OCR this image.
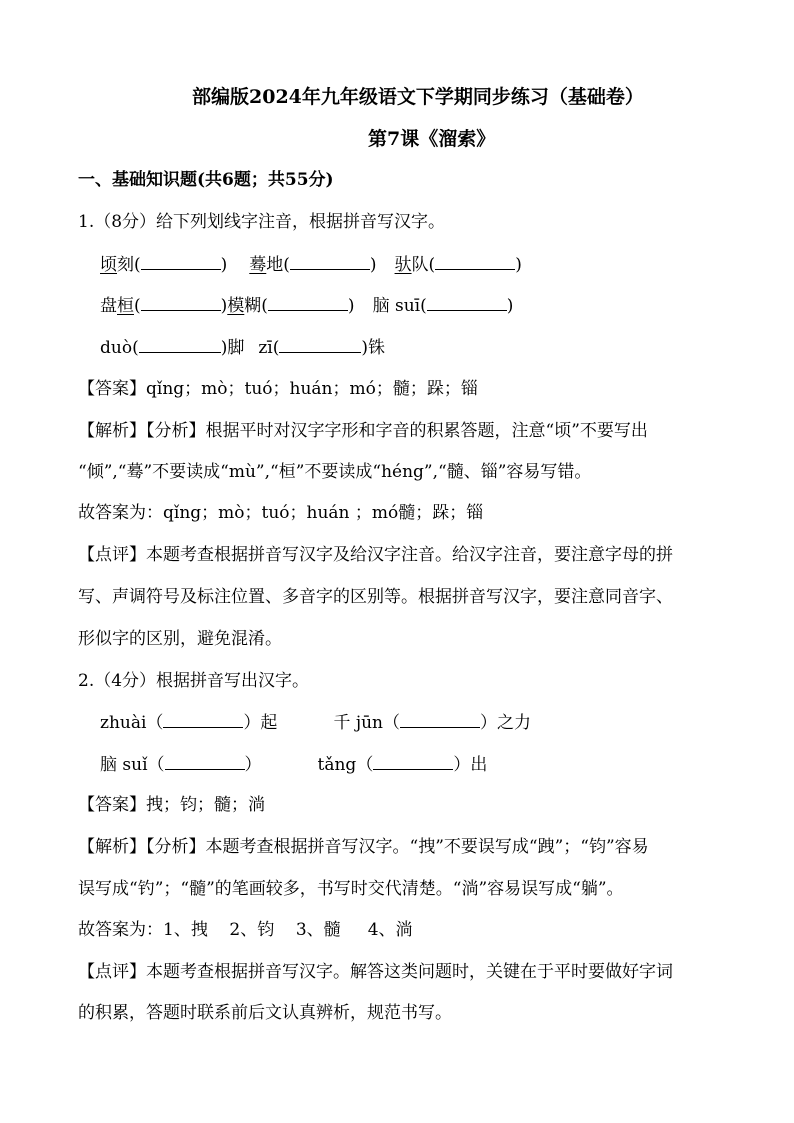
部编版2024年九年级语文下学期同步练习（基础卷）
第7课《溜索》
一、基础知识题(共6题；共55分)
1.（8分）给下列划线字注音，根据拼音写汉字。
顷刻(	) 蓦地(	) 驮队(	)
盘桓(	)模糊(	) 脑 suī(	)
duò(	)脚 zī(	)铢
【答案】qǐng；mò；tuó；huán；mó；髓；跺；锱
【解析】【分析】根据平时对汉字字形和字音的积累答题，注意“顷”不要写出
“倾”,“蓦”不要读成“mù”,“桓”不要读成“héng”,“髓、锱”容易写错。
故答案为：qǐng；mò；tuó；huán ；mó髓；跺；锱
【点评】本题考查根据拼音写汉字及给汉字注音。给汉字注音，要注意字母的拼
写、声调符号及标注位置、多音字的区别等。根据拼音写汉字，要注意同音字、
形似字的区别，避免混淆。
2.（4分）根据拼音写出汉字。
zhuài（	）起	千 jūn（	）之力
脑 suǐ（	）	tǎng（	）出
【答案】拽；钧；髓；淌
【解析】【分析】本题考查根据拼音写汉字。“拽”不要误写成“跩”；“钧”容易
误写成“钓”；“髓”的笔画较多，书写时交代清楚。“淌”容易误写成“躺”。
故答案为：1、拽    2、钧    3、髓     4、淌
【点评】本题考查根据拼音写汉字。解答这类问题时，关键在于平时要做好字词
的积累，答题时联系前后文认真辨析，规范书写。
